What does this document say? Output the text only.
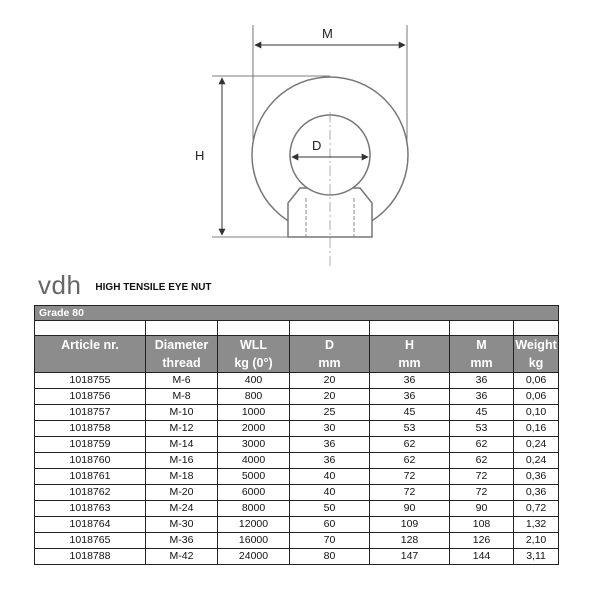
M
H
D
vdh HIGH TENSILE EYE NUT
Grade 80						

Article nr.	Diameter	WLL	D	H	M	Weight
	thread	kg (0°)	mm	mm	mm	kg
1018755	M-6	400	20	36	36	0,06
1018756	M-8	800	20	36	36	0,06
1018757	M-10	1000	25	45	45	0,10
1018758	M-12	2000	30	53	53	0,16
1018759	M-14	3000	36	62	62	0,24
1018760	M-16	4000	36	62	62	0,24
1018761	M-18	5000	40	72	72	0,36
1018762	M-20	6000	40	72	72	0,36
1018763	M-24	8000	50	90	90	0,72
1018764	M-30	12000	60	109	108	1,32
1018765	M-36	16000	70	128	126	2,10
1018788	M-42	24000	80	147	144	3,11
